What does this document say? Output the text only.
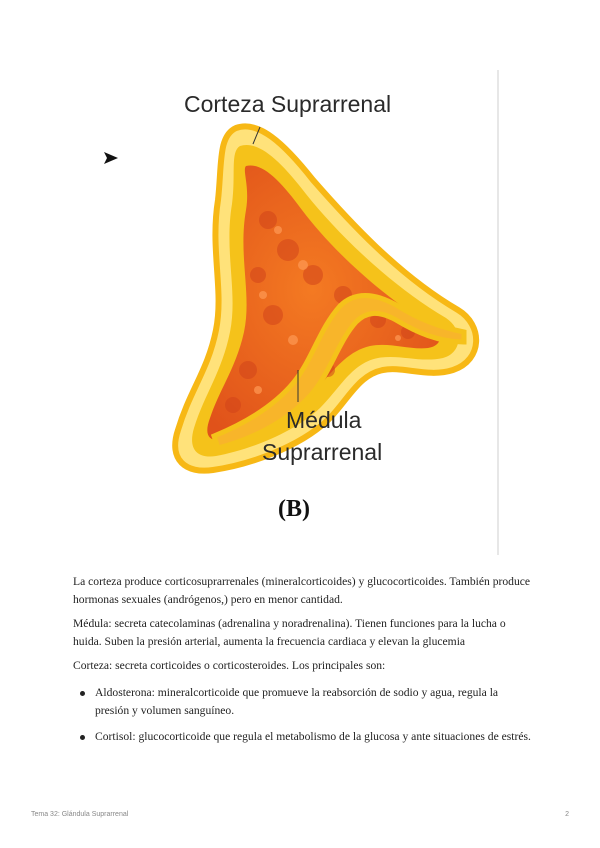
Corteza Suprarrenal
Médula
Suprarrenal
(B)

La corteza produce corticosuprarrenales (mineralcorticoides) y glucocorticoides. También produce hormonas sexuales (andrógenos,) pero en menor cantidad.

Médula: secreta catecolaminas (adrenalina y noradrenalina). Tienen funciones para la lucha o huida. Suben la presión arterial, aumenta la frecuencia cardiaca y elevan la glucemia

Corteza: secreta corticoides o corticosteroides. Los principales son:

Aldosterona: mineralcorticoide que promueve la reabsorción de sodio y agua, regula la presión y volumen sanguíneo.
Cortisol: glucocorticoide que regula el metabolismo de la glucosa y ante situaciones de estrés.
Tema 32: Glándula Suprarrenal	2
